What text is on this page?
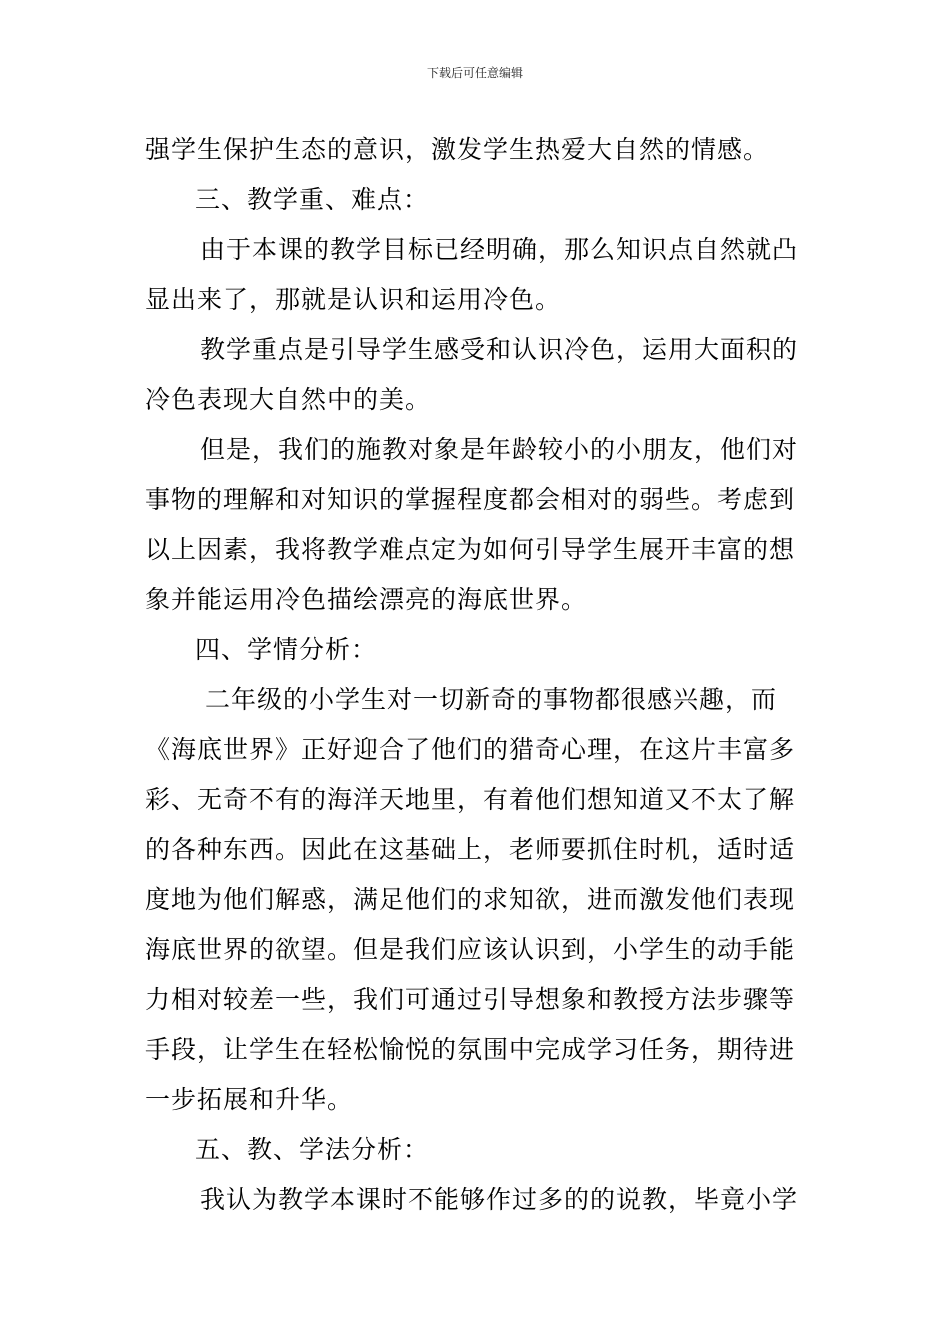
下载后可任意编辑
强学生保护生态的意识，激发学生热爱大自然的情感。
三、教学重、难点：
由于本课的教学目标已经明确，那么知识点自然就凸
显出来了，那就是认识和运用冷色。
教学重点是引导学生感受和认识冷色，运用大面积的
冷色表现大自然中的美。
但是，我们的施教对象是年龄较小的小朋友，他们对
事物的理解和对知识的掌握程度都会相对的弱些。考虑到
以上因素，我将教学难点定为如何引导学生展开丰富的想
象并能运用冷色描绘漂亮的海底世界。
四、学情分析：
二年级的小学生对一切新奇的事物都很感兴趣，而
《海底世界》正好迎合了他们的猎奇心理，在这片丰富多
彩、无奇不有的海洋天地里，有着他们想知道又不太了解
的各种东西。因此在这基础上，老师要抓住时机，适时适
度地为他们解惑，满足他们的求知欲，进而激发他们表现
海底世界的欲望。但是我们应该认识到，小学生的动手能
力相对较差一些，我们可通过引导想象和教授方法步骤等
手段，让学生在轻松愉悦的氛围中完成学习任务，期待进
一步拓展和升华。
五、教、学法分析：
我认为教学本课时不能够作过多的的说教，毕竟小学
